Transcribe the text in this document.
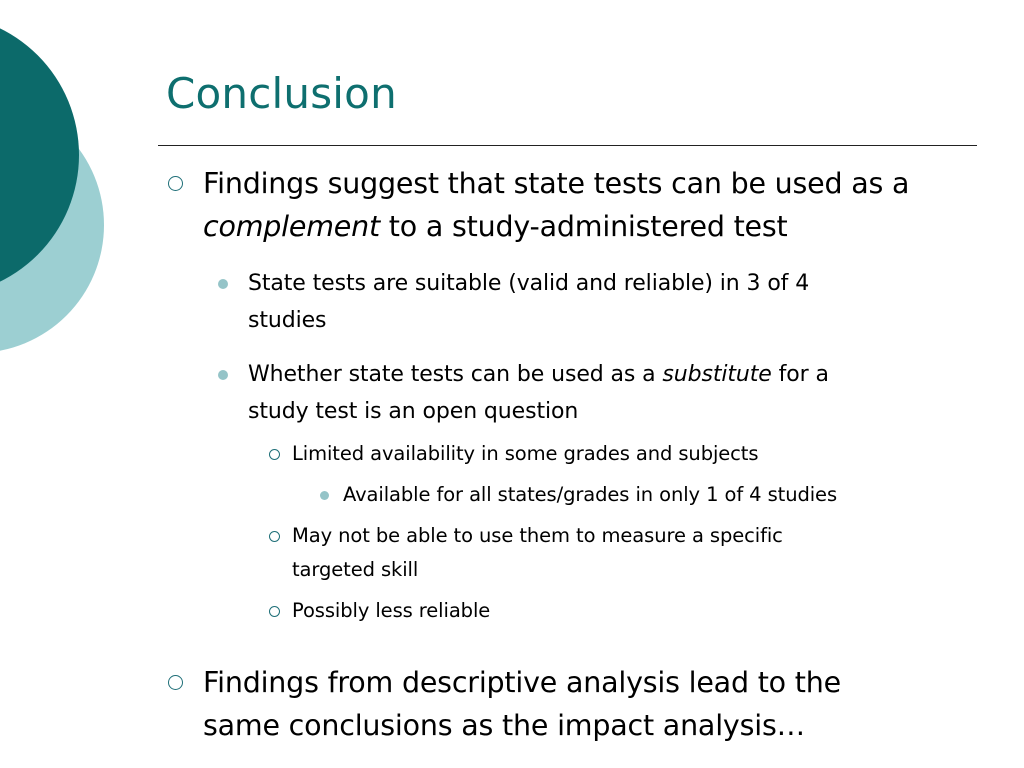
Conclusion
Findings suggest that state tests can be used as a
complement to a study-administered test
State tests are suitable (valid and reliable) in 3 of 4
studies
Whether state tests can be used as a substitute for a
study test is an open question
Limited availability in some grades and subjects
Available for all states/grades in only 1 of 4 studies
May not be able to use them to measure a specific
targeted skill
Possibly less reliable
Findings from descriptive analysis lead to the
same conclusions as the impact analysis…
